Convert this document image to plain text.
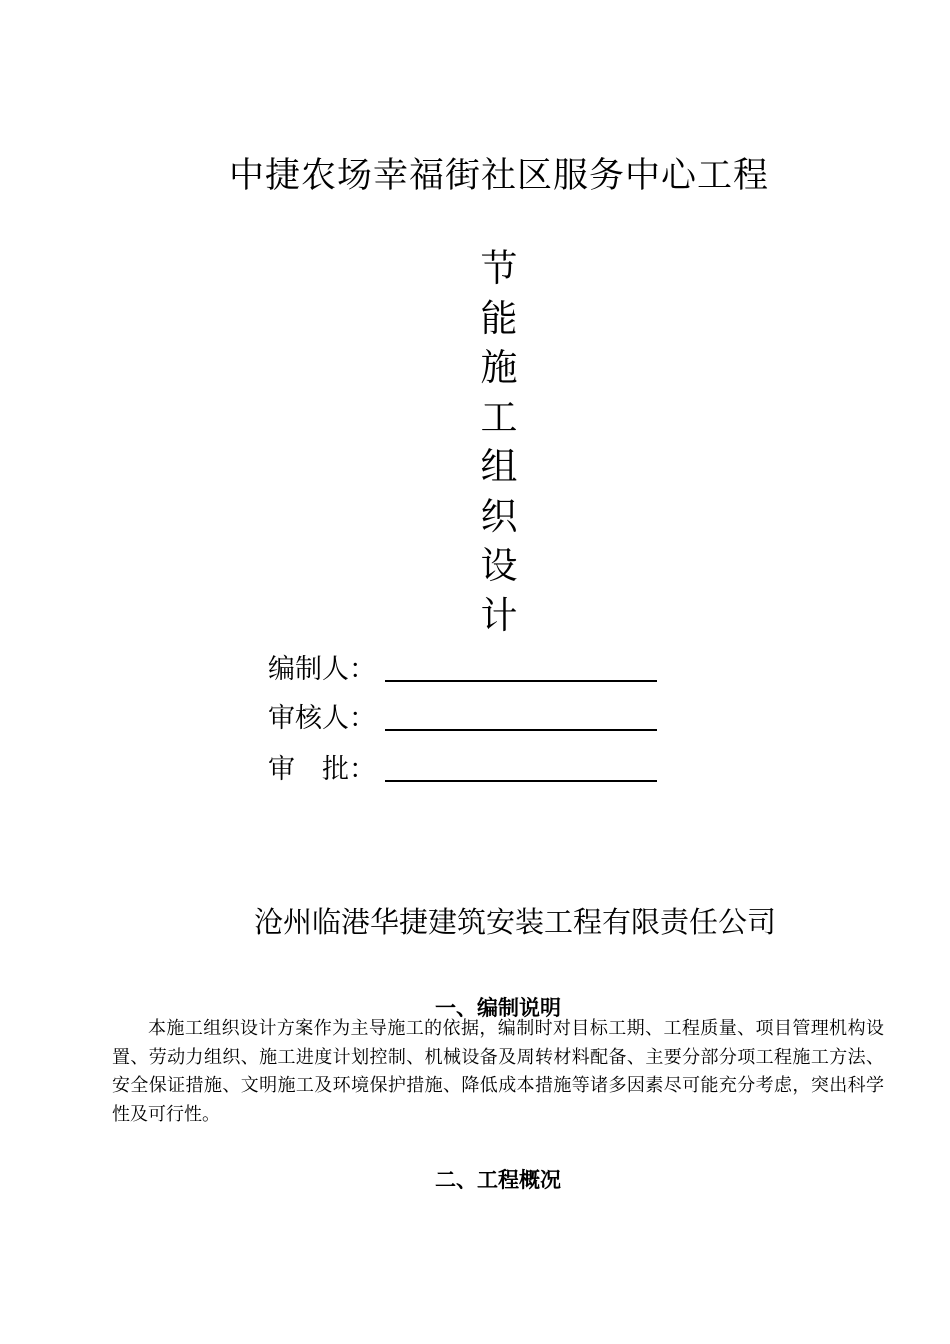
中捷农场幸福街社区服务中心工程
节
能
施
工
组
织
设
计
编制人：
审核人：
审　批：
沧州临港华捷建筑安装工程有限责任公司
一、编制说明
本施工组织设计方案作为主导施工的依据，编制时对目标工期、工程质量、项目管理机构设置、劳动力组织、施工进度计划控制、机械设备及周转材料配备、主要分部分项工程施工方法、安全保证措施、文明施工及环境保护措施、降低成本措施等诸多因素尽可能充分考虑，突出科学性及可行性。
二、工程概况
